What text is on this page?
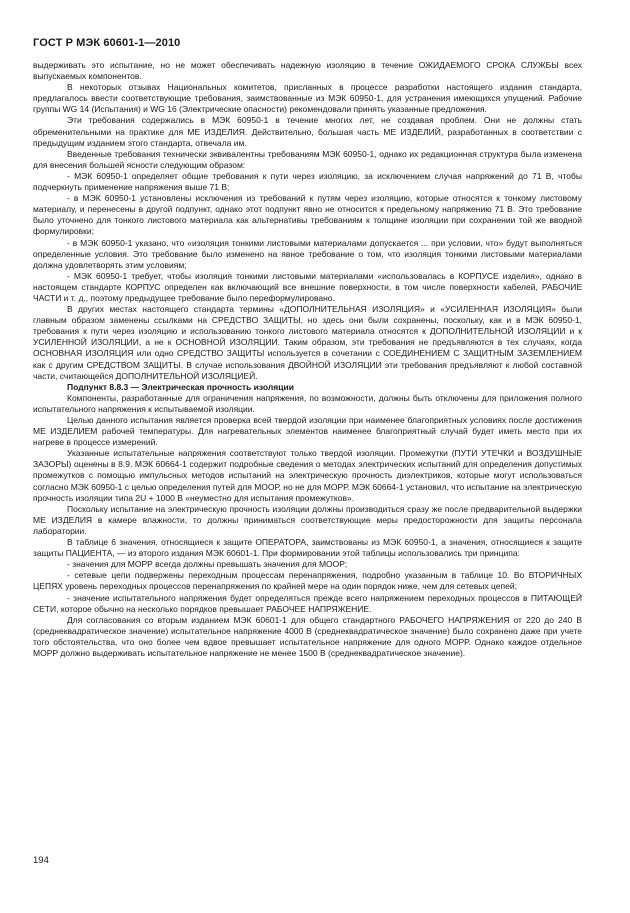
ГОСТ Р МЭК 60601-1—2010

выдерживать это испытание, но не может обеспечивать надежную изоляцию в течение ОЖИДАЕМОГО СРОКА СЛУЖБЫ всех выпускаемых компонентов.

В некоторых отзывах Национальных комитетов, присланных в процессе разработки настоящего издания стандарта, предлагалось ввести соответствующие требования, заимствованные из МЭК 60950-1, для устранения имеющихся упущений. Рабочие группы WG 14 (Испытания) и WG 16 (Электрические опасности) рекомендовали принять указанные предложения.

Эти требования содержались в МЭК 60950-1 в течение многих лет, не создавая проблем. Они не должны стать обременительными на практике для МЕ ИЗДЕЛИЯ. Действительно, большая часть МЕ ИЗДЕЛИЙ, разработанных в соответствии с предыдущим изданием этого стандарта, отвечала им.

Введенные требования технически эквивалентны требованиям МЭК 60950-1, однако их редакционная структура была изменена для внесения большей ясности следующим образом:

- МЭК 60950-1 определяет общие требования к пути через изоляцию, за исключением случая напряжений до 71 В, чтобы подчеркнуть применение напряжения выше 71 В;

- в МЭК 60950-1 установлены исключения из требований к путям через изоляцию, которые относятся к тонкому листовому материалу, и перенесены в другой подпункт, однако этот подпункт явно не относится к предельному напряжению 71 В. Это требование было уточнено для тонкого листового материала как альтернативы требованиям к толщине изоляции при сохранении той же вводной формулировки;

- в МЭК 60950-1 указано, что «изоляция тонкими листовыми материалами допускается ... при условии, что» будут выполняться определенные условия. Это требование было изменено на явное требование о том, что изоляция тонкими листовыми материалами должна удовлетворять этим условиям;

- МЭК 60950-1 требует, чтобы изоляция тонкими листовыми материалами «использовалась в КОРПУСЕ изделия», однако в настоящем стандарте КОРПУС определен как включающий все внешние поверхности, в том числе поверхности кабелей, РАБОЧИЕ ЧАСТИ и т. д., поэтому предыдущее требование было переформулировано.

В других местах настоящего стандарта термины «ДОПОЛНИТЕЛЬНАЯ ИЗОЛЯЦИЯ» и «УСИЛЕННАЯ ИЗОЛЯЦИЯ» были главным образом заменены ссылками на СРЕДСТВО ЗАЩИТЫ, но здесь они были сохранены, поскольку, как и в МЭК 60950-1, требования к пути через изоляцию и использованию тонкого листового материала относятся к ДОПОЛНИТЕЛЬНОЙ ИЗОЛЯЦИИ и к УСИЛЕННОЙ ИЗОЛЯЦИИ, а не к ОСНОВНОЙ ИЗОЛЯЦИИ. Таким образом, эти требования не предъявляются в тех случаях, когда ОСНОВНАЯ ИЗОЛЯЦИЯ или одно СРЕДСТВО ЗАЩИТЫ используется в сочетании с СОЕДИНЕНИЕМ С ЗАЩИТНЫМ ЗАЗЕМЛЕНИЕМ как с другим СРЕДСТВОМ ЗАЩИТЫ. В случае использования ДВОЙНОЙ ИЗОЛЯЦИИ эти требования предъявляют к любой составной части, считающейся ДОПОЛНИТЕЛЬНОЙ ИЗОЛЯЦИЕЙ.

Подпункт 8.8.3 — Электрическая прочность изоляции

Компоненты, разработанные для ограничения напряжения, по возможности, должны быть отключены для приложения полного испытательного напряжения к испытываемой изоляции.

Целью данного испытания является проверка всей твердой изоляции при наименее благоприятных условиях после достижения МЕ ИЗДЕЛИЕМ рабочей температуры. Для нагревательных элементов наименее благоприятный случай будет иметь место при их нагреве в процессе измерений.

Указанные испытательные напряжения соответствуют только твердой изоляции. Промежутки (ПУТИ УТЕЧКИ и ВОЗДУШНЫЕ ЗАЗОРЫ) оценены в 8.9. МЭК 60664-1 содержит подробные сведения о методах электрических испытаний для определения допустимых промежутков с помощью импульсных методов испытаний на электрическую прочность диэлектриков, которые могут использоваться согласно МЭК 60950-1 с целью определения путей для МООР, но не для МОРР. МЭК 60664-1 установил, что испытание на электрическую прочность изоляции типа 2U + 1000 В «неуместно для испытания промежутков».

Поскольку испытание на электрическую прочность изоляции должны производиться сразу же после предварительной выдержки МЕ ИЗДЕЛИЯ в камере влажности, то должны приниматься соответствующие меры предосторожности для защиты персонала лаборатории.

В таблице 6 значения, относящиеся к защите ОПЕРАТОРА, заимствованы из МЭК 60950-1, а значения, относящиеся к защите защиты ПАЦИЕНТА, — из второго издания МЭК 60601-1. При формировании этой таблицы использовались три принципа:

- значения для МОРР всегда должны превышать значения для МООР;

- сетевые цепи подвержены переходным процессам перенапряжения, подробно указанным в таблице 10. Во ВТОРИЧНЫХ ЦЕПЯХ уровень переходных процессов перенапряжения по крайней мере на один порядок ниже, чем для сетевых цепей;

- значение испытательного напряжения будет определяться прежде всего напряжением переходных процессов в ПИТАЮЩЕЙ СЕТИ, которое обычно на несколько порядков превышает РАБОЧЕЕ НАПРЯЖЕНИЕ.

Для согласования со вторым изданием МЭК 60601-1 для общего стандартного РАБОЧЕГО НАПРЯЖЕНИЯ от 220 до 240 В (среднеквадратическое значение) испытательное напряжение 4000 В (среднеквадратическое значение) было сохранено даже при учете того обстоятельства, что оно более чем вдвое превышает испытательное напряжение для одного МОРР. Однако каждое отдельное МОРР должно выдерживать испытательное напряжение не менее 1500 В (среднеквадратическое значение).

194
